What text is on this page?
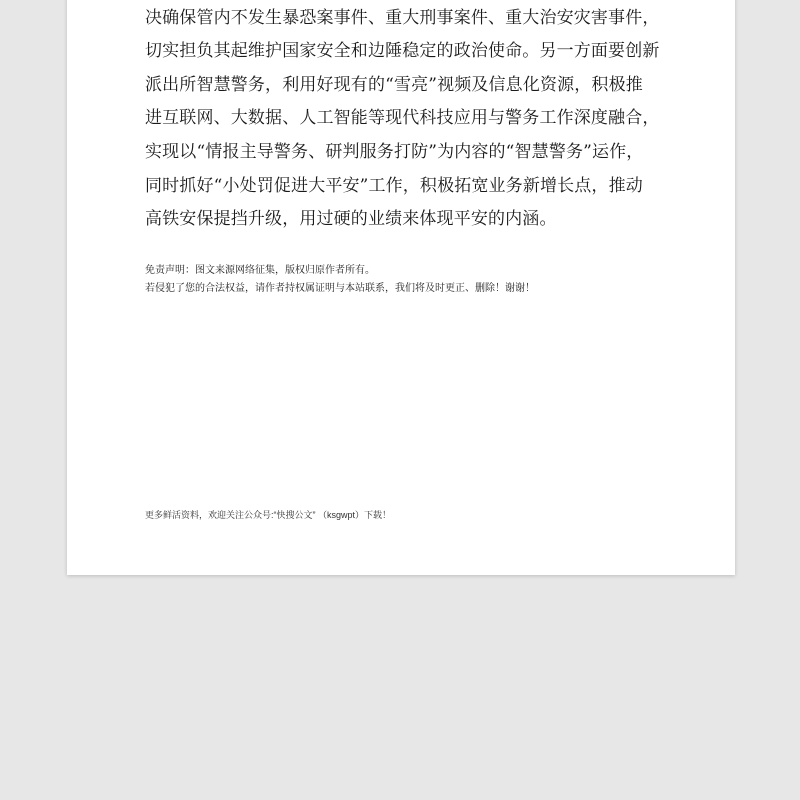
决确保管内不发生暴恐案事件、重大刑事案件、重大治安灾害事件，
切实担负其起维护国家安全和边陲稳定的政治使命。另一方面要创新
派出所智慧警务，利用好现有的“雪亮”视频及信息化资源，积极推
进互联网、大数据、人工智能等现代科技应用与警务工作深度融合，
实现以“情报主导警务、研判服务打防”为内容的“智慧警务”运作，
同时抓好“小处罚促进大平安”工作，积极拓宽业务新增长点，推动
高铁安保提挡升级，用过硬的业绩来体现平安的内涵。
免责声明：图文来源网络征集，版权归原作者所有。
若侵犯了您的合法权益，请作者持权属证明与本站联系，我们将及时更正、删除！谢谢！
更多鲜活资料，欢迎关注公众号:“快搜公文” （ksgwpt）下载！
